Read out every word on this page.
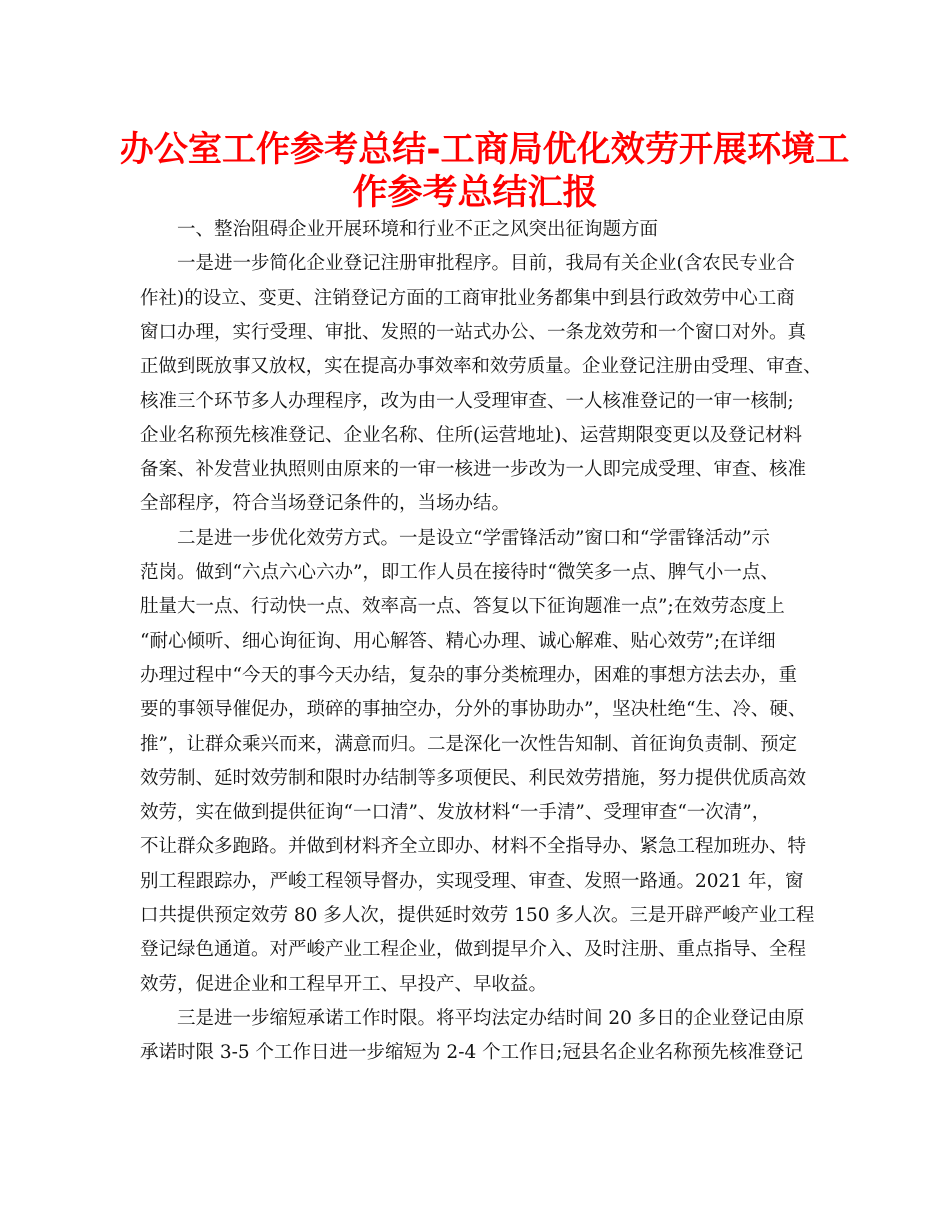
办公室工作参考总结-工商局优化效劳开展环境工
作参考总结汇报
一、整治阻碍企业开展环境和行业不正之风突出征询题方面
一是进一步简化企业登记注册审批程序。目前，我局有关企业(含农民专业合
作社)的设立、变更、注销登记方面的工商审批业务都集中到县行政效劳中心工商
窗口办理，实行受理、审批、发照的一站式办公、一条龙效劳和一个窗口对外。真
正做到既放事又放权，实在提高办事效率和效劳质量。企业登记注册由受理、审查、
核准三个环节多人办理程序，改为由一人受理审查、一人核准登记的一审一核制;
企业名称预先核准登记、企业名称、住所(运营地址)、运营期限变更以及登记材料
备案、补发营业执照则由原来的一审一核进一步改为一人即完成受理、审查、核准
全部程序，符合当场登记条件的，当场办结。
二是进一步优化效劳方式。一是设立“学雷锋活动”窗口和“学雷锋活动”示
范岗。做到“六点六心六办”，即工作人员在接待时“微笑多一点、脾气小一点、
肚量大一点、行动快一点、效率高一点、答复以下征询题准一点”;在效劳态度上
“耐心倾听、细心询征询、用心解答、精心办理、诚心解难、贴心效劳”;在详细
办理过程中“今天的事今天办结，复杂的事分类梳理办，困难的事想方法去办，重
要的事领导催促办，琐碎的事抽空办，分外的事协助办”，坚决杜绝“生、冷、硬、
推”，让群众乘兴而来，满意而归。二是深化一次性告知制、首征询负责制、预定
效劳制、延时效劳制和限时办结制等多项便民、利民效劳措施，努力提供优质高效
效劳，实在做到提供征询“一口清”、发放材料“一手清”、受理审查“一次清”，
不让群众多跑路。并做到材料齐全立即办、材料不全指导办、紧急工程加班办、特
别工程跟踪办，严峻工程领导督办，实现受理、审查、发照一路通。2021 年，窗
口共提供预定效劳 80 多人次，提供延时效劳 150 多人次。三是开辟严峻产业工程
登记绿色通道。对严峻产业工程企业，做到提早介入、及时注册、重点指导、全程
效劳，促进企业和工程早开工、早投产、早收益。
三是进一步缩短承诺工作时限。将平均法定办结时间 20 多日的企业登记由原
承诺时限 3-5 个工作日进一步缩短为 2-4 个工作日;冠县名企业名称预先核准登记
